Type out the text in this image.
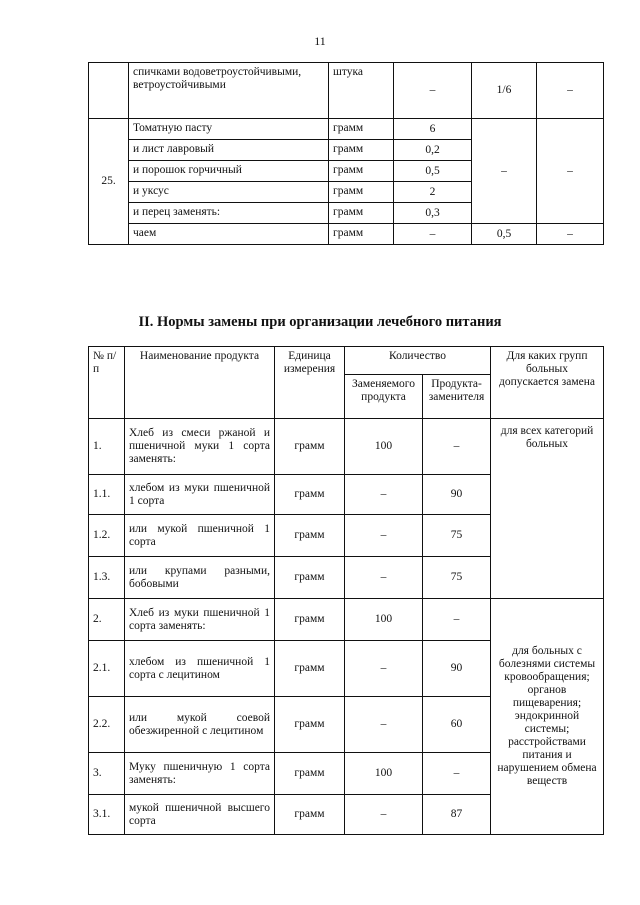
11
	спичками водоветроустойчивыми, ветроустойчивыми	штука	–	1/6	–
25.	Томатную пасту	грамм	6	–	–
	и лист лавровый	грамм	0,2		
	и порошок горчичный	грамм	0,5		
	и уксус	грамм	2		
	и перец заменять:	грамм	0,3		
	чаем	грамм	–	0,5	–
II. Нормы замены при организации лечебного питания
№ п/п	Наименование продукта	Единица измерения	Количество		Для каких групп больных допускается замена
			Заменяемого продукта	Продукта-заменителя	
1.	Хлеб из смеси ржаной и пшеничной муки 1 сорта заменять:	грамм	100	–	для всех категорий больных
1.1.	хлебом из муки пшеничной 1 сорта	грамм	–	90	
1.2.	или мукой пшеничной 1 сорта	грамм	–	75	
1.3.	или крупами разными, бобовыми	грамм	–	75	
2.	Хлеб из муки пшеничной 1 сорта заменять:	грамм	100	–	для больных с болезнями системы кровообращения; органов пищеварения; эндокринной системы; расстройствами питания и нарушением обмена веществ
2.1.	хлебом из пшеничной 1 сорта с лецитином	грамм	–	90	
2.2.	или мукой соевой обезжиренной с лецитином	грамм	–	60	
3.	Муку пшеничную 1 сорта заменять:	грамм	100	–	
3.1.	мукой пшеничной высшего сорта	грамм	–	87	
